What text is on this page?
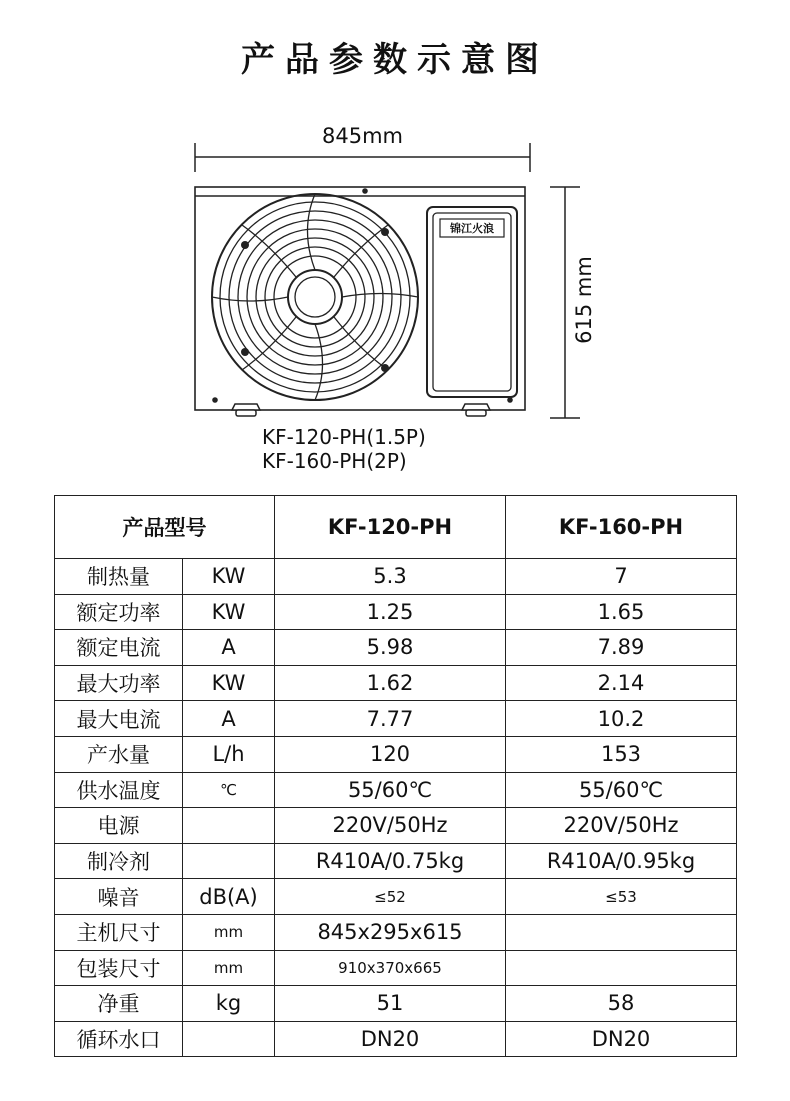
产品参数示意图
845mm
615 mm
锦江火浪
KF-120-PH(1.5P)
KF-160-PH(2P)
产品型号		KF-120-PH	KF-160-PH
制热量	KW	5.3	7
额定功率	KW	1.25	1.65
额定电流	A	5.98	7.89
最大功率	KW	1.62	2.14
最大电流	A	7.77	10.2
产水量	L/h	120	153
供水温度	℃	55/60℃	55/60℃
电源		220V/50Hz	220V/50Hz
制冷剂		R410A/0.75kg	R410A/0.95kg
噪音	dB(A)	≤52	≤53
主机尺寸	mm	845x295x615	
包装尺寸	mm	910x370x665	
净重	kg	51	58
循环水口		DN20	DN20
